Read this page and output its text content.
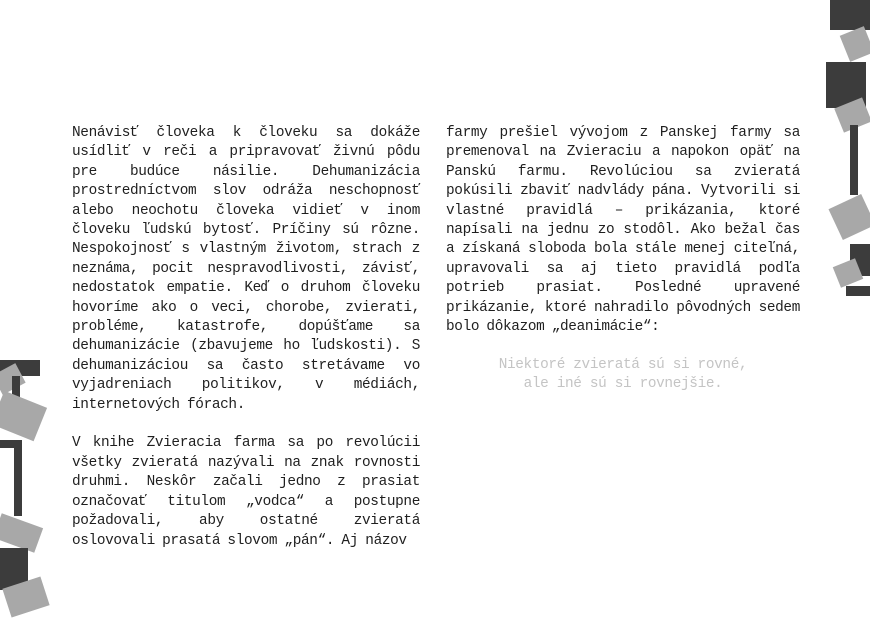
Nenávisť človeka k človeku sa dokáže usídliť v reči a pripravovať živnú pôdu pre budúce násilie. Dehumanizácia prostredníctvom slov odráža neschopnosť alebo neochotu človeka vidieť v inom človeku ľudskú bytosť. Príčiny sú rôzne. Nespokojnosť s vlastným životom, strach z neznáma, pocit nespravodlivosti, závisť, nedostatok empatie. Keď o druhom človeku hovoríme ako o veci, chorobe, zvierati, probléme, katastrofe, dopúšťame sa dehumanizácie (zbavujeme ho ľudskosti). S dehumanizáciou sa často stretávame vo vyjadreniach politikov, v médiách, internetových fórach.

V knihe Zvieracia farma sa po revolúcii všetky zvieratá nazývali na znak rovnosti druhmi. Neskôr začali jedno z prasiat označovať titulom „vodca“ a postupne požadovali, aby ostatné zvieratá oslovovali prasatá slovom „pán“. Aj názov

farmy prešiel vývojom z Panskej farmy sa premenoval na Zvieraciu a napokon opäť na Panskú farmu. Revolúciou sa zvieratá pokúsili zbaviť nadvlády pána. Vytvorili si vlastné pravidlá – prikázania, ktoré napísali na jednu zo stodôl. Ako bežal čas a získaná sloboda bola stále menej citeľná, upravovali sa aj tieto pravidlá podľa potrieb prasiat. Posledné upravené prikázanie, ktoré nahradilo pôvodných sedem bolo dôkazom „deanimácie“:

Niektoré zvieratá sú si rovné,
ale iné sú si rovnejšie.
